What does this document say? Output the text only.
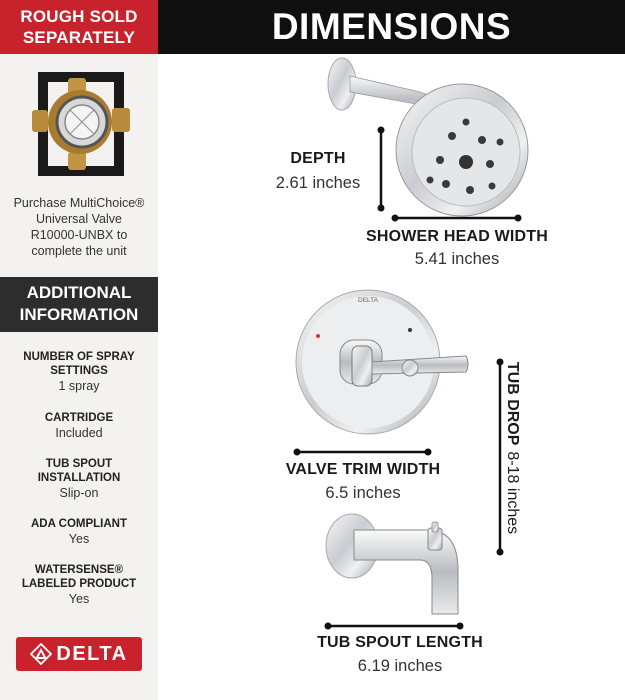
ROUGH SOLD
SEPARATELY
Purchase MultiChoice®
Universal Valve
R10000-UNBX to
complete the unit
ADDITIONAL
INFORMATION
NUMBER OF SPRAY
SETTINGS
1 spray
CARTRIDGE
Included
TUB SPOUT
INSTALLATION
Slip-on
ADA COMPLIANT
Yes
WATERSENSE®
LABELED PRODUCT
Yes
DELTA
DIMENSIONS
DELTA
DEPTH
2.61 inches
SHOWER HEAD WIDTH
5.41 inches
VALVE TRIM WIDTH
6.5 inches
TUB DROP8-18 inches
TUB SPOUT LENGTH
6.19 inches
